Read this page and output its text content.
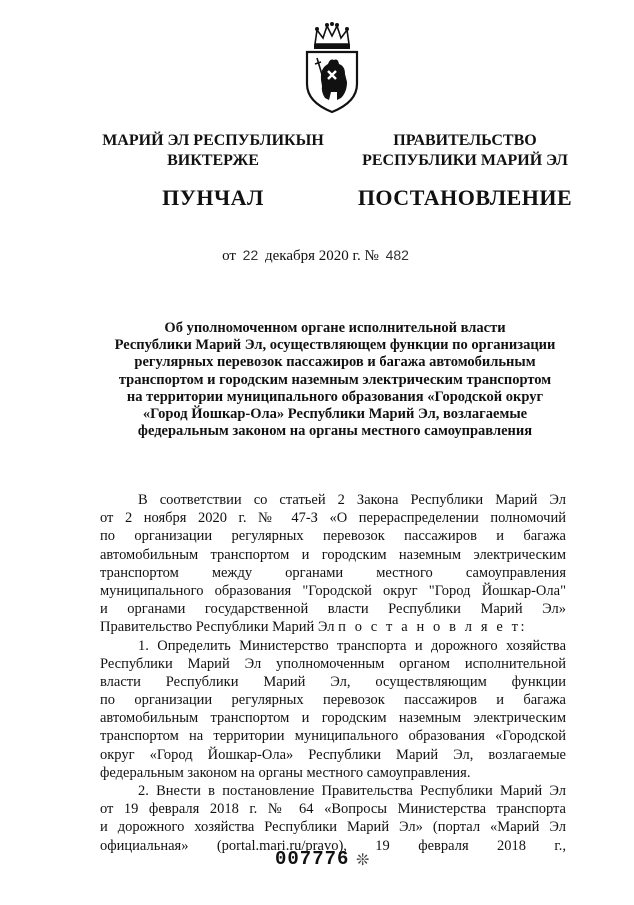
МАРИЙ ЭЛ РЕСПУБЛИКЫН
ВИКТЕРЖЕ
ПУНЧАЛ
ПРАВИТЕЛЬСТВО
РЕСПУБЛИКИ МАРИЙ ЭЛ
ПОСТАНОВЛЕНИЕ
от 22 декабря 2020 г. № 482
Об уполномоченном органе исполнительной власти
Республики Марий Эл, осуществляющем функции по организации
регулярных перевозок пассажиров и багажа автомобильным
транспортом и городским наземным электрическим транспортом
на территории муниципального образования «Городской округ
«Город Йошкар-Ола» Республики Марий Эл, возлагаемые
федеральным законом на органы местного самоуправления
В соответствии со статьей 2 Закона Республики Марий Эл
от 2 ноября 2020 г. № 47-З «О перераспределении полномочий
по организации регулярных перевозок пассажиров и багажа
автомобильным транспортом и городским наземным электрическим
транспортом между органами местного самоуправления
муниципального образования "Городской округ "Город Йошкар-Ола"
и органами государственной власти Республики Марий Эл»
Правительство Республики Марий Эл п о с т а н о в л я е т:
1. Определить Министерство транспорта и дорожного хозяйства
Республики Марий Эл уполномоченным органом исполнительной
власти Республики Марий Эл, осуществляющим функции
по организации регулярных перевозок пассажиров и багажа
автомобильным транспортом и городским наземным электрическим
транспортом на территории муниципального образования «Городской
округ «Город Йошкар-Ола» Республики Марий Эл, возлагаемые
федеральным законом на органы местного самоуправления.
2. Внести в постановление Правительства Республики Марий Эл
от 19 февраля 2018 г. № 64 «Вопросы Министерства транспорта
и дорожного хозяйства Республики Марий Эл» (портал «Марий Эл
официальная» (portal.mari.ru/pravo), 19 февраля 2018 г.,
007776 ❊
